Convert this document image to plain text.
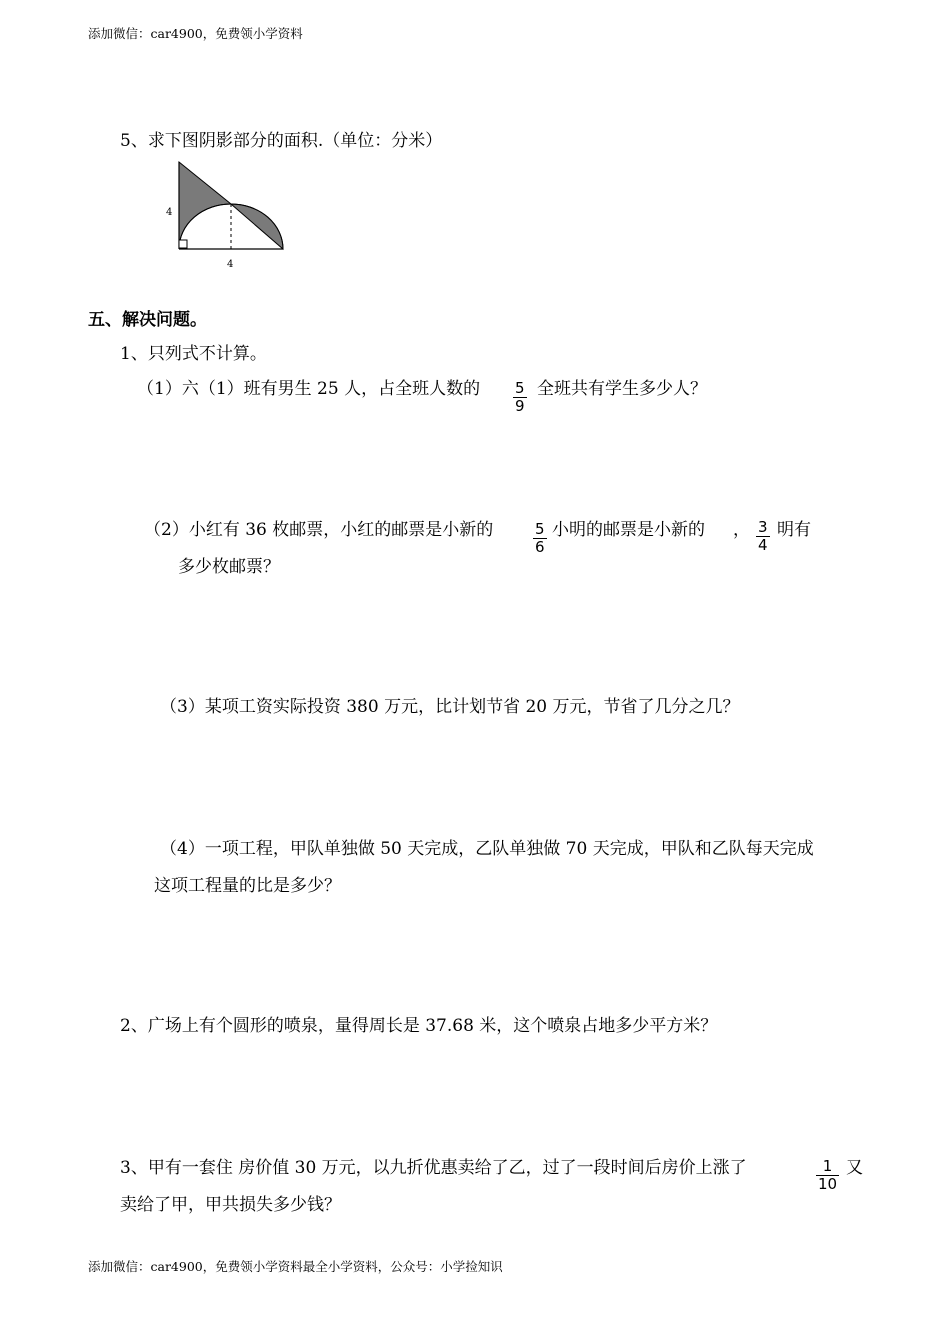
添加微信：car4900，免费领小学资料
5、求下图阴影部分的面积.（单位：分米）
4
4
五、解决问题。
1、只列式不计算。
（1）六（1）班有男生 25 人，占全班人数的 5
9
全班共有学生多少人？
（2）小红有 36 枚邮票，小红的邮票是小新的	5
6
小明的邮票是小新的 ， 3
4
明有
多少枚邮票？
（3）某项工资实际投资 380 万元，比计划节省 20 万元，节省了几分之几？
（4）一项工程，甲队单独做 50 天完成，乙队单独做 70 天完成，甲队和乙队每天完成
这项工程量的比是多少？
2、广场上有个圆形的喷泉，量得周长是 37.68 米，这个喷泉占地多少平方米？
3、甲有一套住 房价值 30 万元，以九折优惠卖给了乙，过了一段时间后房价上涨了	1
10
又
卖给了甲，甲共损失多少钱？
添加微信：car4900，免费领小学资料最全小学资料，公众号：小学捡知识
